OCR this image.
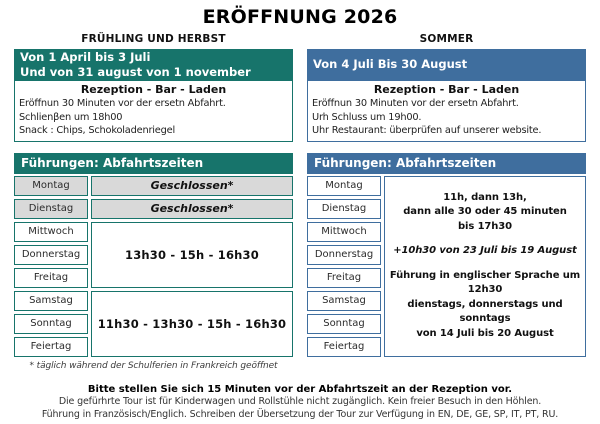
ERÖFFNUNG 2026
FRÜHLING UND HERBST
Von 1 April bis 3 Juli
Und von 31 august von 1 november
Rezeption - Bar - Laden
Eröffnun 30 Minuten vor der ersetn Abfahrt.
Schlienβen um 18h00
Snack : Chips, Schokoladenriegel
Führungen: Abfahrtszeiten
Montag
Dienstag
Mittwoch
Donnerstag
Freitag
Samstag
Sonntag
Feiertag
Geschlossen*
Geschlossen*
13h30 - 15h - 16h30
11h30 - 13h30 - 15h - 16h30
* täglich während der Schulferien in Frankreich geöffnet
SOMMER
Von 4 Juli Bis 30 August
Rezeption - Bar - Laden
Eröffnun 30 Minuten vor der ersetn Abfahrt.
Urh Schluss um 19h00.
Uhr Restaurant: überprüfen auf unserer website.
Führungen: Abfahrtszeiten
Montag
Dienstag
Mittwoch
Donnerstag
Freitag
Samstag
Sonntag
Feiertag
11h, dann 13h,
dann alle 30 oder 45 minuten
bis 17h30
+10h30 von 23 Juli bis 19 August
Führung in englischer Sprache um
12h30
dienstags, donnerstags und
sonntags
von 14 Juli bis 20 August
Bitte stellen Sie sich 15 Minuten vor der Abfahrtszeit an der Rezeption vor.
Die gefürhrte Tour ist für Kinderwagen und Rollstühle nicht zugänglich. Kein freier Besuch in den Höhlen.
Führung in Französisch/Englich. Schreiben der Übersetzung der Tour zur Verfügung in EN, DE, GE, SP, IT, PT, RU.
